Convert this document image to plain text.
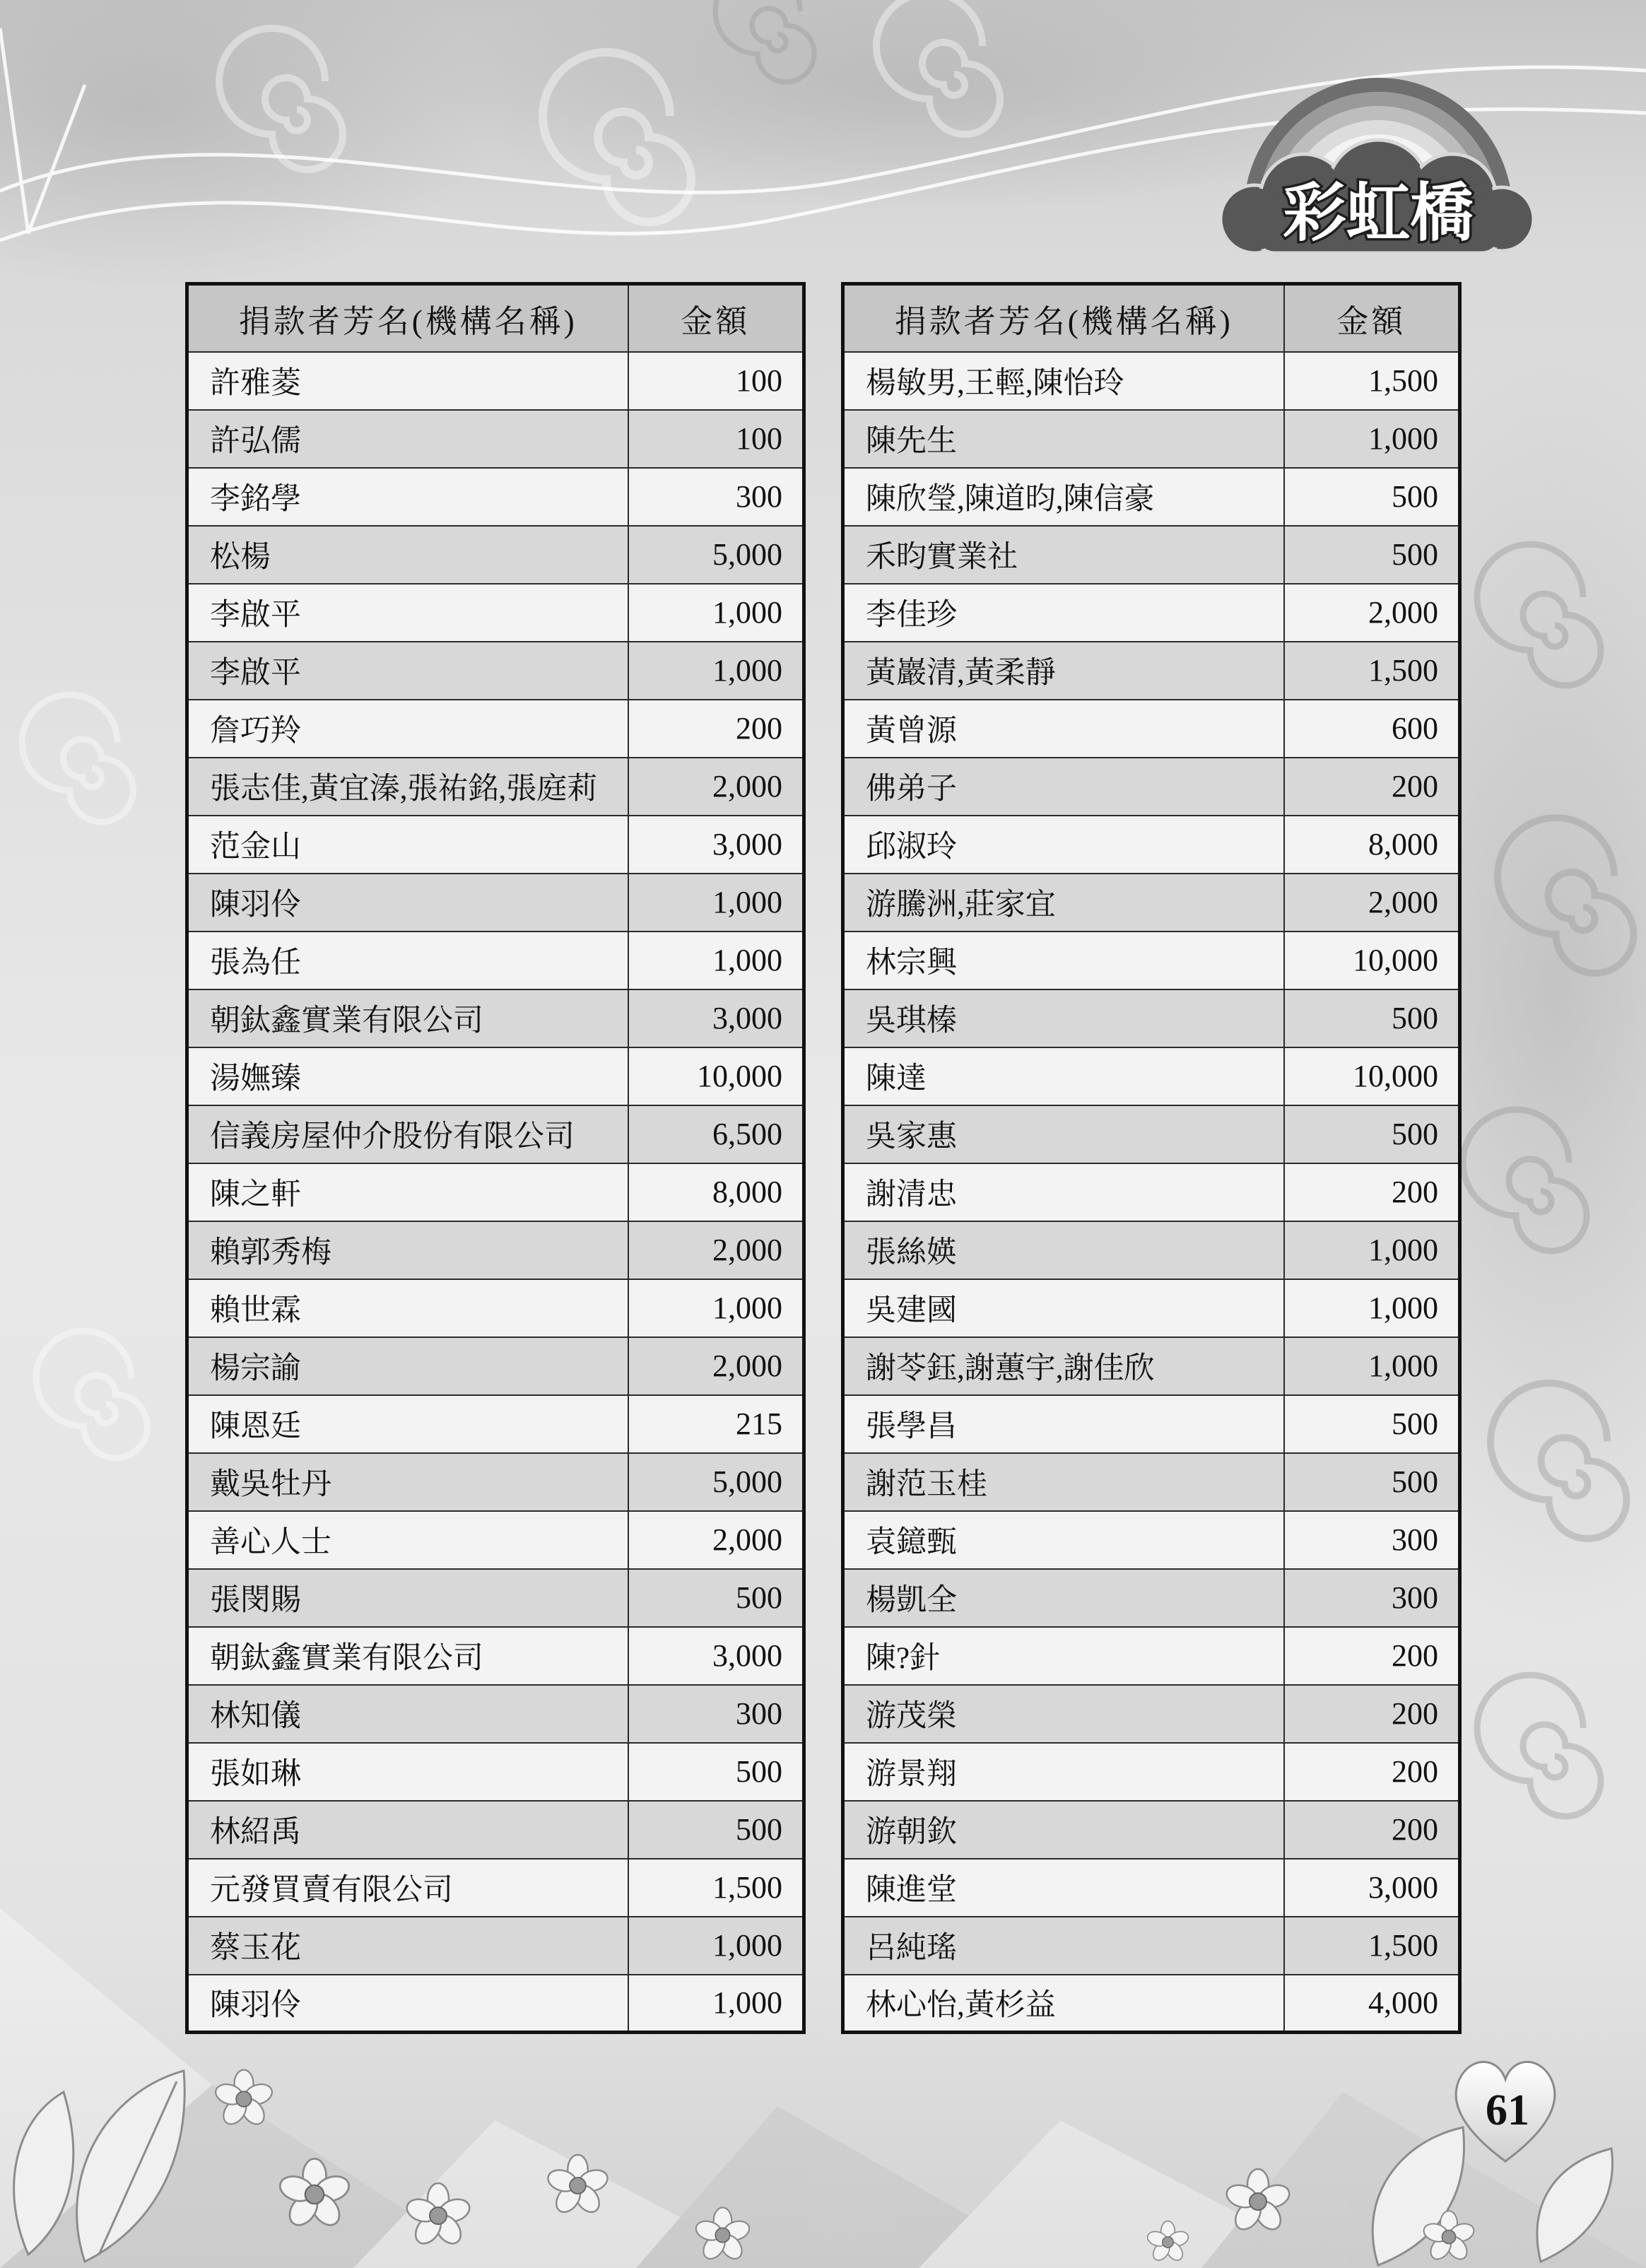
彩虹橋
捐款者芳名(機構名稱)	金額
許雅菱	100
許弘儒	100
李銘學	300
松楊	5,000
李啟平	1,000
李啟平	1,000
詹巧羚	200
張志佳,黃宜溱,張祐銘,張庭莉	2,000
范金山	3,000
陳羽伶	1,000
張為任	1,000
朝鈦鑫實業有限公司	3,000
湯嫵臻	10,000
信義房屋仲介股份有限公司	6,500
陳之軒	8,000
賴郭秀梅	2,000
賴世霖	1,000
楊宗諭	2,000
陳恩廷	215
戴吳牡丹	5,000
善心人士	2,000
張閔賜	500
朝鈦鑫實業有限公司	3,000
林知儀	300
張如琳	500
林紹禹	500
元發買賣有限公司	1,500
蔡玉花	1,000
陳羽伶	1,000
捐款者芳名(機構名稱)	金額
楊敏男,王輕,陳怡玲	1,500
陳先生	1,000
陳欣瑩,陳道昀,陳信豪	500
禾昀實業社	500
李佳珍	2,000
黃巖清,黃柔靜	1,500
黃曾源	600
佛弟子	200
邱淑玲	8,000
游騰洲,莊家宜	2,000
林宗興	10,000
吳琪榛	500
陳達	10,000
吳家惠	500
謝清忠	200
張絲媖	1,000
吳建國	1,000
謝苓鈺,謝蕙宇,謝佳欣	1,000
張學昌	500
謝范玉桂	500
袁鐿甄	300
楊凱全	300
陳?針	200
游茂榮	200
游景翔	200
游朝欽	200
陳進堂	3,000
呂純瑤	1,500
林心怡,黃杉益	4,000
61
